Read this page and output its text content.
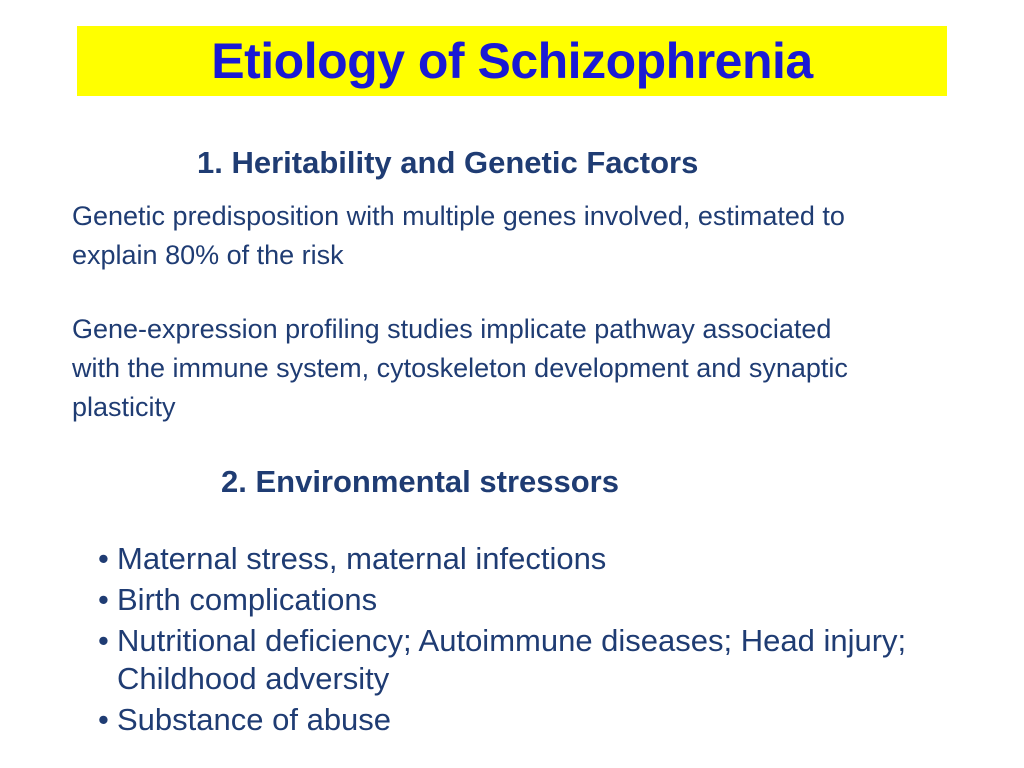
Etiology of Schizophrenia
1. Heritability and Genetic Factors
Genetic predisposition with multiple genes involved, estimated to explain 80% of the risk
Gene-expression profiling studies implicate pathway associated with the immune system, cytoskeleton development and synaptic plasticity
2. Environmental stressors
• Maternal stress, maternal infections
• Birth complications
• Nutritional deficiency; Autoimmune diseases; Head injury; Childhood adversity
• Substance of abuse
